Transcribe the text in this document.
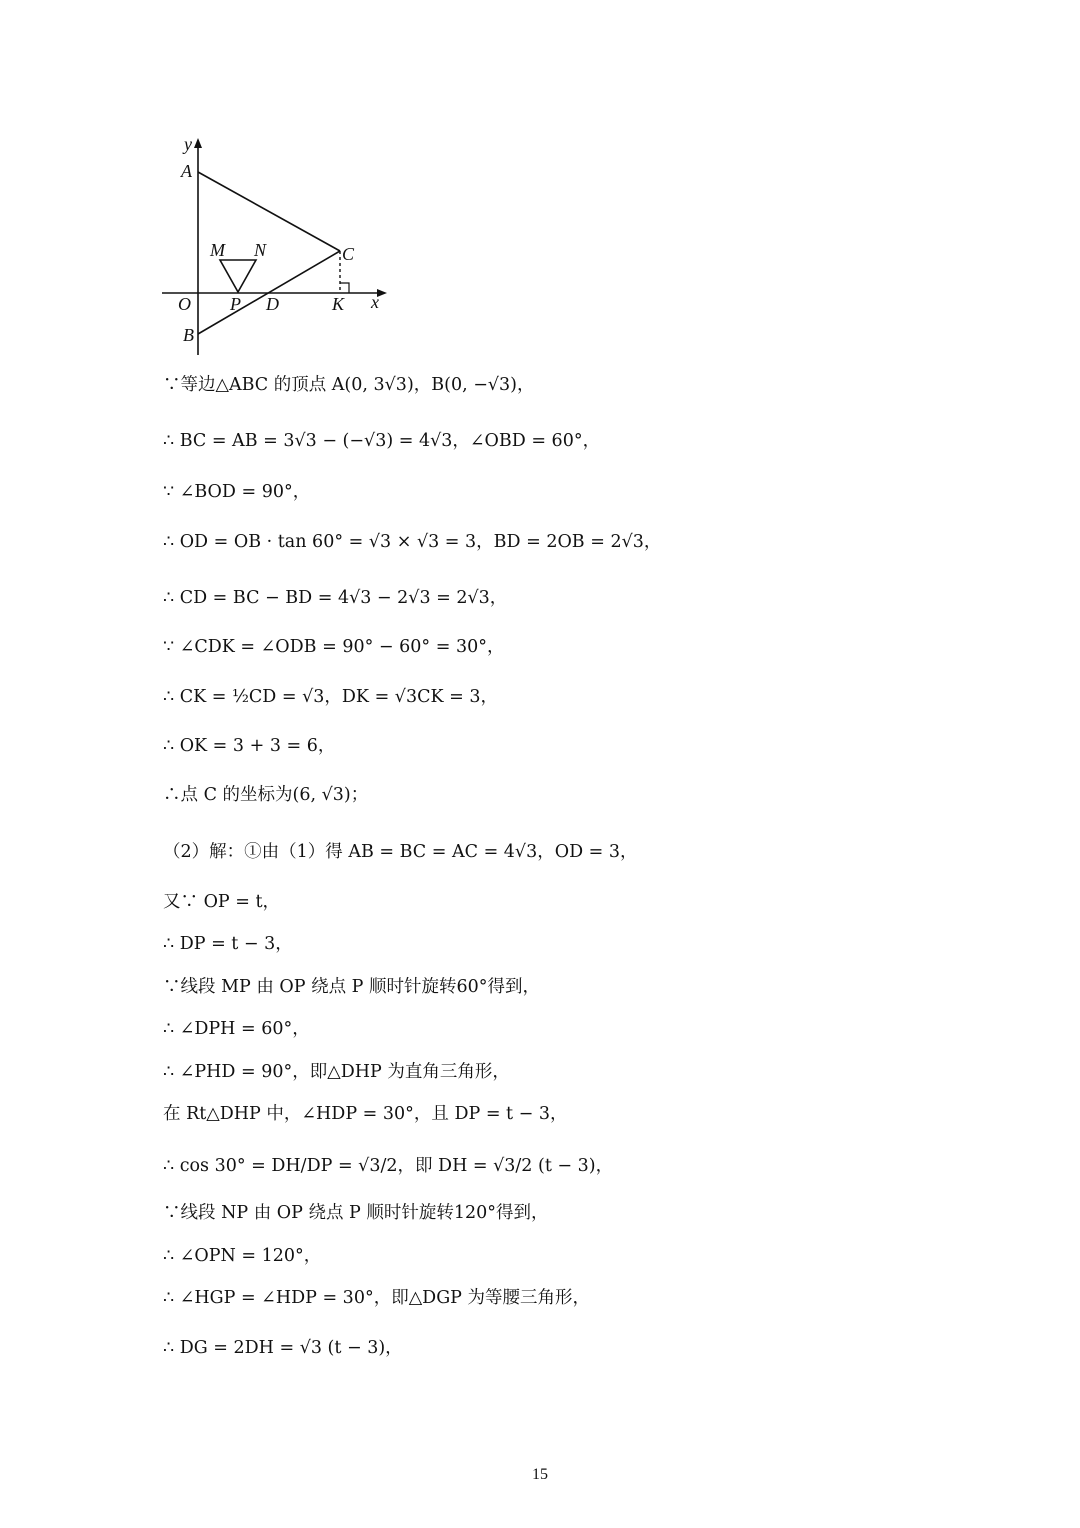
y
A
M N	C
O P D	K x
B
∵等边△ABC 的顶点 A(0, 3√3)，B(0, −√3)，
∴ BC = AB = 3√3 − (−√3) = 4√3，∠OBD = 60°，
∵ ∠BOD = 90°，
∴ OD = OB · tan 60° = √3 × √3 = 3，BD = 2OB = 2√3，
∴ CD = BC − BD = 4√3 − 2√3 = 2√3，
∵ ∠CDK = ∠ODB = 90° − 60° = 30°，
∴ CK = ½CD = √3，DK = √3CK = 3，
∴ OK = 3 + 3 = 6，
∴点 C 的坐标为(6, √3)；
（2）解：①由（1）得 AB = BC = AC = 4√3，OD = 3，
又∵ OP = t，
∴ DP = t − 3，
∵线段 MP 由 OP 绕点 P 顺时针旋转60°得到，
∴ ∠DPH = 60°，
∴ ∠PHD = 90°，即△DHP 为直角三角形，
在 Rt△DHP 中，∠HDP = 30°，且 DP = t − 3，
∴ cos 30° = DH/DP = √3/2，即 DH = √3/2 (t − 3)，
∵线段 NP 由 OP 绕点 P 顺时针旋转120°得到，
∴ ∠OPN = 120°，
∴ ∠HGP = ∠HDP = 30°，即△DGP 为等腰三角形，
∴ DG = 2DH = √3 (t − 3)，
15
